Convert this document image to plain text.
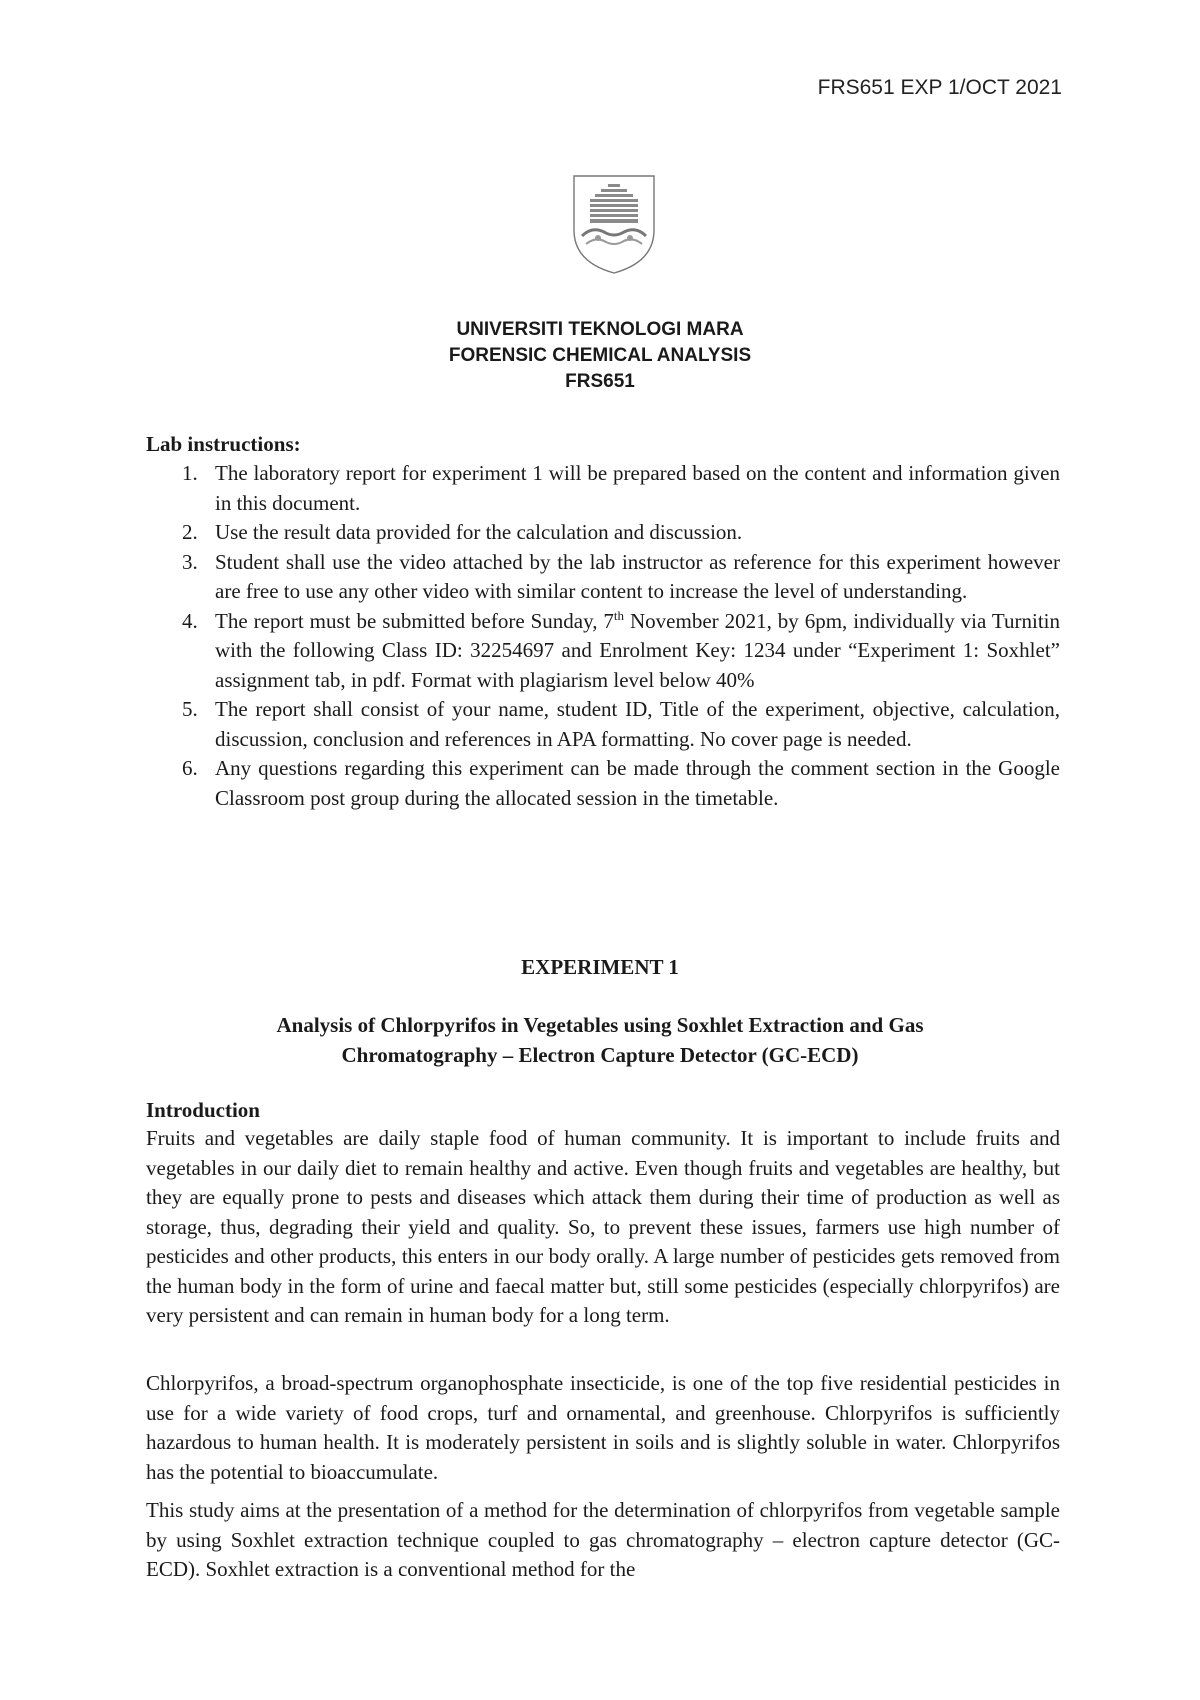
FRS651 EXP 1/OCT 2021
UNIVERSITI TEKNOLOGI MARA
FORENSIC CHEMICAL ANALYSIS
FRS651
Lab instructions:
1. The laboratory report for experiment 1 will be prepared based on the content and information given in this document.
2. Use the result data provided for the calculation and discussion.
3. Student shall use the video attached by the lab instructor as reference for this experiment however are free to use any other video with similar content to increase the level of understanding.
4. The report must be submitted before Sunday, 7th November 2021, by 6pm, individually via Turnitin with the following Class ID: 32254697 and Enrolment Key: 1234 under “Experiment 1: Soxhlet” assignment tab, in pdf. Format with plagiarism level below 40%
5. The report shall consist of your name, student ID, Title of the experiment, objective, calculation, discussion, conclusion and references in APA formatting. No cover page is needed.
6. Any questions regarding this experiment can be made through the comment section in the Google Classroom post group during the allocated session in the timetable.
EXPERIMENT 1
Analysis of Chlorpyrifos in Vegetables using Soxhlet Extraction and Gas
Chromatography – Electron Capture Detector (GC-ECD)
Introduction
Fruits and vegetables are daily staple food of human community. It is important to include fruits and vegetables in our daily diet to remain healthy and active. Even though fruits and vegetables are healthy, but they are equally prone to pests and diseases which attack them during their time of production as well as storage, thus, degrading their yield and quality. So, to prevent these issues, farmers use high number of pesticides and other products, this enters in our body orally. A large number of pesticides gets removed from the human body in the form of urine and faecal matter but, still some pesticides (especially chlorpyrifos) are very persistent and can remain in human body for a long term.
Chlorpyrifos, a broad-spectrum organophosphate insecticide, is one of the top five residential pesticides in use for a wide variety of food crops, turf and ornamental, and greenhouse. Chlorpyrifos is sufficiently hazardous to human health. It is moderately persistent in soils and is slightly soluble in water. Chlorpyrifos has the potential to bioaccumulate.
This study aims at the presentation of a method for the determination of chlorpyrifos from vegetable sample by using Soxhlet extraction technique coupled to gas chromatography – electron capture detector (GC-ECD). Soxhlet extraction is a conventional method for the
